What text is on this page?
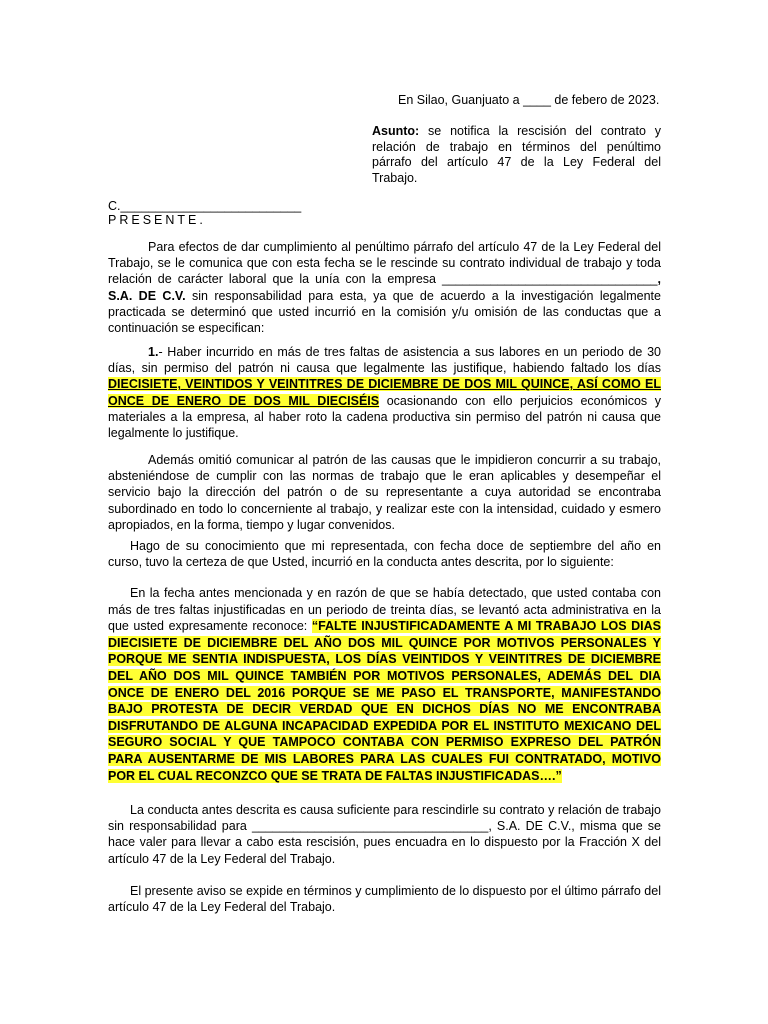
En Silao, Guanjuato a ____ de febero de 2023.
Asunto: se notifica la rescisión del contrato y relación de trabajo en términos del penúltimo párrafo del artículo 47 de la Ley Federal del Trabajo.
C.__________________________
PRESENTE.

Para efectos de dar cumplimiento al penúltimo párrafo del artículo 47 de la Ley Federal del Trabajo, se le comunica que con esta fecha se le rescinde su contrato individual de trabajo y toda relación de carácter laboral que la unía con la empresa _______________________________, S.A. DE C.V. sin responsabilidad para esta, ya que de acuerdo a la investigación legalmente practicada se determinó que usted incurrió en la comisión y/u omisión de las conductas que a continuación se especifican:

1.- Haber incurrido en más de tres faltas de asistencia a sus labores en un periodo de 30 días, sin permiso del patrón ni causa que legalmente las justifique, habiendo faltado los días DIECISIETE, VEINTIDOS Y VEINTITRES DE DICIEMBRE DE DOS MIL QUINCE, ASÍ COMO EL ONCE DE ENERO DE DOS MIL DIECISÉIS ocasionando con ello perjuicios económicos y materiales a la empresa, al haber roto la cadena productiva sin permiso del patrón ni causa que legalmente lo justifique.

Además omitió comunicar al patrón de las causas que le impidieron concurrir a su trabajo, absteniéndose de cumplir con las normas de trabajo que le eran aplicables y desempeñar el servicio bajo la dirección del patrón o de su representante a cuya autoridad se encontraba subordinado en todo lo concerniente al trabajo, y realizar este con la intensidad, cuidado y esmero apropiados, en la forma, tiempo y lugar convenidos.

Hago de su conocimiento que mi representada, con fecha doce de septiembre del año en curso, tuvo la certeza de que Usted, incurrió en la conducta antes descrita, por lo siguiente:

En la fecha antes mencionada y en razón de que se había detectado, que usted contaba con más de tres faltas injustificadas en un periodo de treinta días, se levantó acta administrativa en la que usted expresamente reconoce: “FALTE INJUSTIFICADAMENTE A MI TRABAJO LOS DIAS DIECISIETE DE DICIEMBRE DEL AÑO DOS MIL QUINCE POR MOTIVOS PERSONALES Y PORQUE ME SENTIA INDISPUESTA, LOS DÍAS VEINTIDOS Y VEINTITRES DE DICIEMBRE DEL AÑO DOS MIL QUINCE TAMBIÉN POR MOTIVOS PERSONALES, ADEMÁS DEL DIA ONCE DE ENERO DEL 2016 PORQUE SE ME PASO EL TRANSPORTE, MANIFESTANDO BAJO PROTESTA DE DECIR VERDAD QUE EN DICHOS DÍAS NO ME ENCONTRABA DISFRUTANDO DE ALGUNA INCAPACIDAD EXPEDIDA POR EL INSTITUTO MEXICANO DEL SEGURO SOCIAL Y QUE TAMPOCO CONTABA CON PERMISO EXPRESO DEL PATRÓN PARA AUSENTARME DE MIS LABORES PARA LAS CUALES FUI CONTRATADO, MOTIVO POR EL CUAL RECONZCO QUE SE TRATA DE FALTAS INJUSTIFICADAS….”

La conducta antes descrita es causa suficiente para rescindirle su contrato y relación de trabajo sin responsabilidad para __________________________________, S.A. DE C.V., misma que se hace valer para llevar a cabo esta rescisión, pues encuadra en lo dispuesto por la Fracción X del artículo 47 de la Ley Federal del Trabajo.

El presente aviso se expide en términos y cumplimiento de lo dispuesto por el último párrafo del artículo 47 de la Ley Federal del Trabajo.
